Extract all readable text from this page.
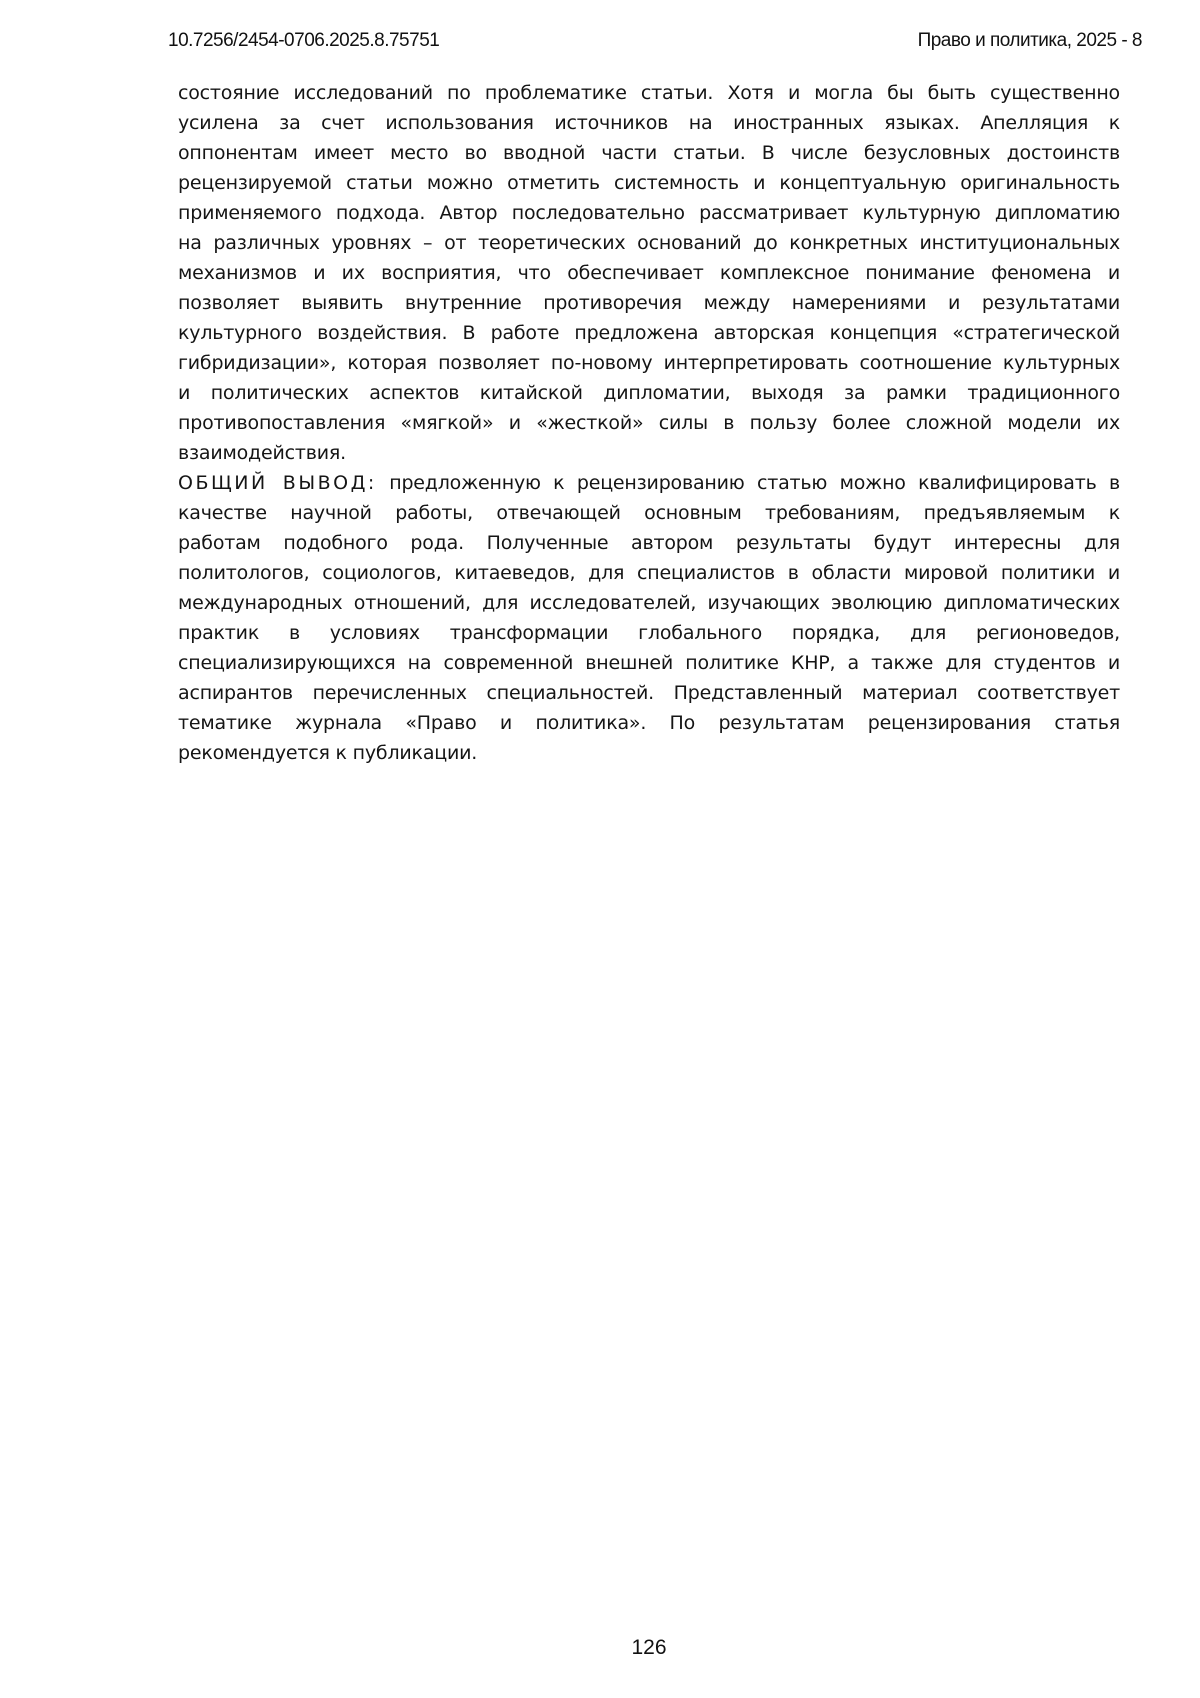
10.7256/2454-0706.2025.8.75751	Право и политика, 2025 - 8
состояние исследований по проблематике статьи. Хотя и могла бы быть существенно
усилена за счет использования источников на иностранных языках. Апелляция к
оппонентам имеет место во вводной части статьи. В числе безусловных достоинств
рецензируемой статьи можно отметить системность и концептуальную оригинальность
применяемого подхода. Автор последовательно рассматривает культурную дипломатию
на различных уровнях – от теоретических оснований до конкретных институциональных
механизмов и их восприятия, что обеспечивает комплексное понимание феномена и
позволяет выявить внутренние противоречия между намерениями и результатами
культурного воздействия. В работе предложена авторская концепция «стратегической
гибридизации», которая позволяет по-новому интерпретировать соотношение культурных
и политических аспектов китайской дипломатии, выходя за рамки традиционного
противопоставления «мягкой» и «жесткой» силы в пользу более сложной модели их
взаимодействия.
ОБЩИЙ ВЫВОД: предложенную к рецензированию статью можно квалифицировать в
качестве научной работы, отвечающей основным требованиям, предъявляемым к
работам подобного рода. Полученные автором результаты будут интересны для
политологов, социологов, китаеведов, для специалистов в области мировой политики и
международных отношений, для исследователей, изучающих эволюцию дипломатических
практик в условиях трансформации глобального порядка, для регионоведов,
специализирующихся на современной внешней политике КНР, а также для студентов и
аспирантов перечисленных специальностей. Представленный материал соответствует
тематике журнала «Право и политика». По результатам рецензирования статья
рекомендуется к публикации.
126
